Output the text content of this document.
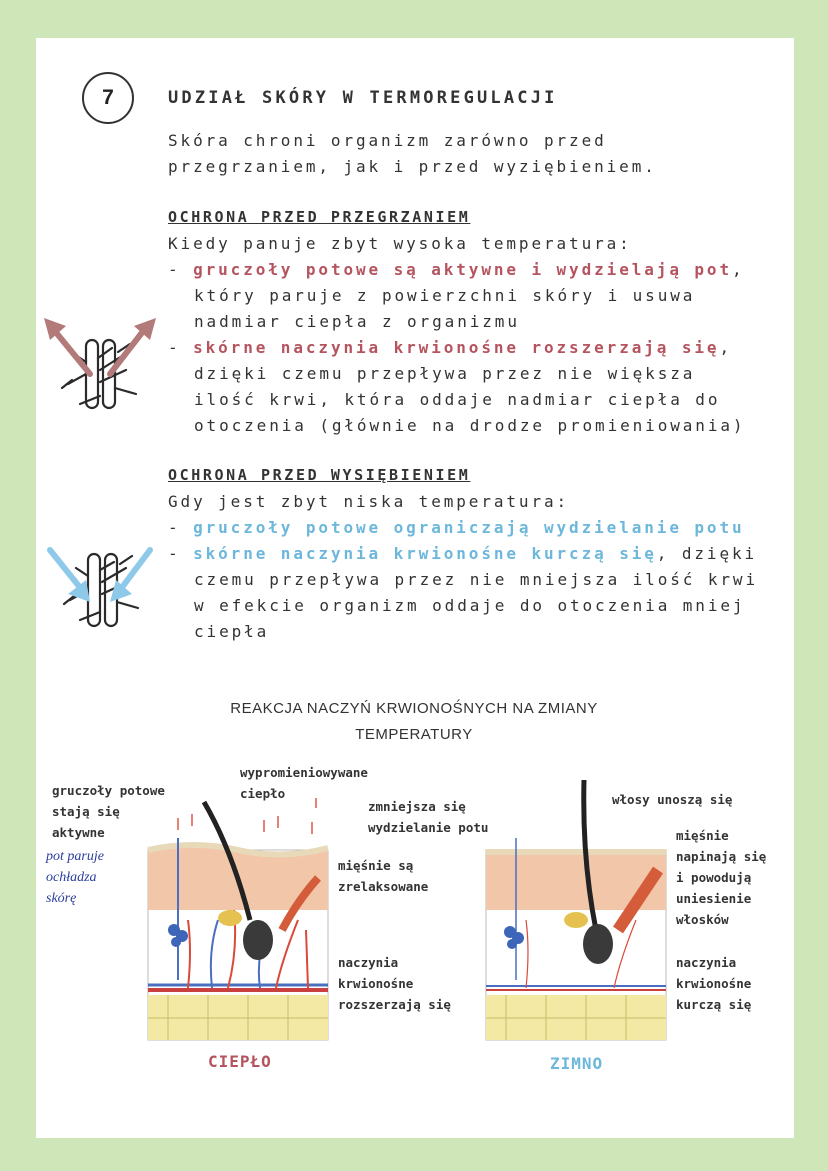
7	UDZIAŁ SKÓRY W TERMOREGULACJI
Skóra chroni organizm zarówno przed
przegrzaniem, jak i przed wyziębieniem.
OCHRONA PRZED PRZEGRZANIEM
Kiedy panuje zbyt wysoka temperatura:
- gruczoły potowe są aktywne i wydzielają pot,
który paruje z powierzchni skóry i usuwa
nadmiar ciepła z organizmu
- skórne naczynia krwionośne rozszerzają się,
dzięki czemu przepływa przez nie większa
ilość krwi, która oddaje nadmiar ciepła do
otoczenia (głównie na drodze promieniowania)
OCHRONA PRZED WYSIĘBIENIEM
Gdy jest zbyt niska temperatura:
- gruczoły potowe ograniczają wydzielanie potu
- skórne naczynia krwionośne kurczą się, dzięki
czemu przepływa przez nie mniejsza ilość krwi
w efekcie organizm oddaje do otoczenia mniej
ciepła
REAKCJA NACZYŃ KRWIONOŚNYCH NA ZMIANY
TEMPERATURY
gruczoły potowe
stają się
aktywne
pot paruje
ochładza
skórę
wypromieniowywane
ciepło
mięśnie są
zrelaksowane
naczynia
krwionośne
rozszerzają się
CIEPŁO
zmniejsza się
wydzielanie potu
włosy unoszą się
mięśnie
napinają się
i powodują
uniesienie
włosków
naczynia
krwionośne
kurczą się
ZIMNO
